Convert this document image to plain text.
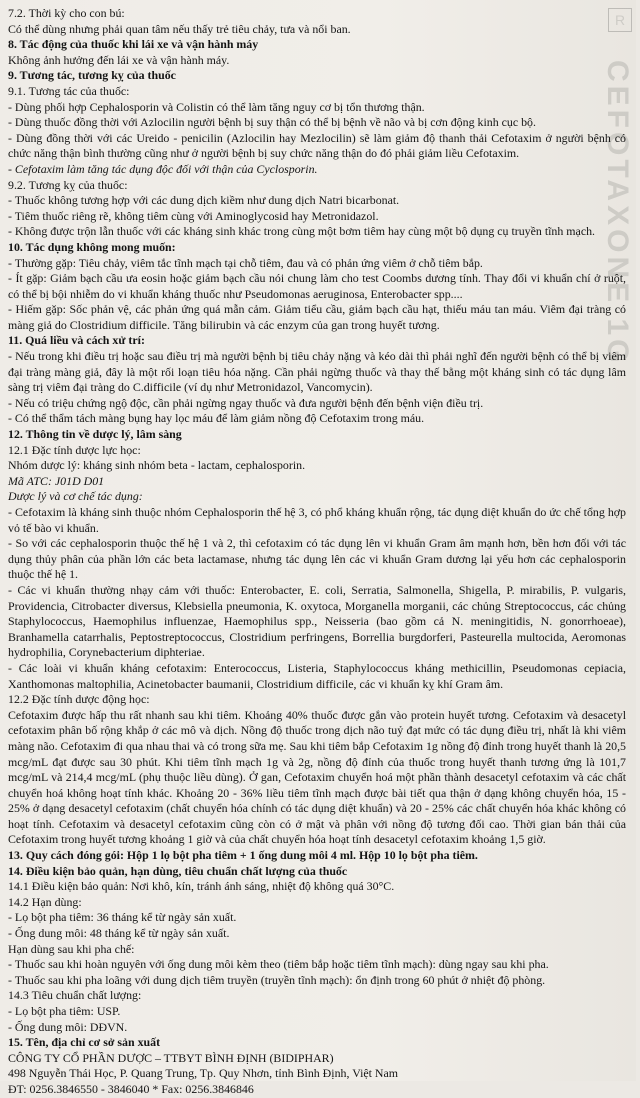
R
CEFOTAXONE 1G

7.2. Thời kỳ cho con bú:

Có thể dùng nhưng phải quan tâm nếu thấy trẻ tiêu chảy, tưa và nổi ban.

8. Tác động của thuốc khi lái xe và vận hành máy

Không ảnh hưởng đến lái xe và vận hành máy.

9. Tương tác, tương kỵ của thuốc

9.1. Tương tác của thuốc:

- Dùng phối hợp Cephalosporin và Colistin có thể làm tăng nguy cơ bị tổn thương thận.

- Dùng thuốc đồng thời với Azlocilin người bệnh bị suy thận có thể bị bệnh về não và bị cơn động kinh cục bộ.

- Dùng đồng thời với các Ureido - penicilin (Azlocilin hay Mezlocilin) sẽ làm giảm độ thanh thải Cefotaxim ở người bệnh có chức năng thận bình thường cũng như ở người bệnh bị suy chức năng thận do đó phải giảm liều Cefotaxim.

- Cefotaxim làm tăng tác dụng độc đối với thận của Cyclosporin.

9.2. Tương kỵ của thuốc:

- Thuốc không tương hợp với các dung dịch kiềm như dung dịch Natri bicarbonat.

- Tiêm thuốc riêng rẽ, không tiêm cùng với Aminoglycosid hay Metronidazol.

- Không được trộn lẫn thuốc với các kháng sinh khác trong cùng một bơm tiêm hay cùng một bộ dụng cụ truyền tĩnh mạch.

10. Tác dụng không mong muốn:

- Thường gặp: Tiêu chảy, viêm tắc tĩnh mạch tại chỗ tiêm, đau và có phản ứng viêm ở chỗ tiêm bắp.

- Ít gặp: Giảm bạch cầu ưa eosin hoặc giảm bạch cầu nói chung làm cho test Coombs dương tính. Thay đổi vi khuẩn chí ở ruột, có thể bị bội nhiễm do vi khuẩn kháng thuốc như Pseudomonas aeruginosa, Enterobacter spp....

- Hiếm gặp: Sốc phản vệ, các phản ứng quá mẫn cảm. Giảm tiểu cầu, giảm bạch cầu hạt, thiếu máu tan máu. Viêm đại tràng có màng giả do Clostridium difficile. Tăng bilirubin và các enzym của gan trong huyết tương.

11. Quá liều và cách xử trí:

- Nếu trong khi điều trị hoặc sau điều trị mà người bệnh bị tiêu chảy nặng và kéo dài thì phải nghĩ đến người bệnh có thể bị viêm đại tràng màng giả, đây là một rối loạn tiêu hóa nặng. Cần phải ngừng thuốc và thay thế bằng một kháng sinh có tác dụng lâm sàng trị viêm đại tràng do C.difficile (ví dụ như Metronidazol, Vancomycin).

- Nếu có triệu chứng ngộ độc, cần phải ngừng ngay thuốc và đưa người bệnh đến bệnh viện điều trị.

- Có thể thẩm tách màng bụng hay lọc máu để làm giảm nồng độ Cefotaxim trong máu.

12. Thông tin về dược lý, lâm sàng

12.1 Đặc tính dược lực học:

Nhóm dược lý: kháng sinh nhóm beta - lactam, cephalosporin.

Mã ATC: J01D D01

Dược lý và cơ chế tác dụng:

- Cefotaxim là kháng sinh thuộc nhóm Cephalosporin thế hệ 3, có phổ kháng khuẩn rộng, tác dụng diệt khuẩn do ức chế tổng hợp vỏ tế bào vi khuẩn.

- So với các cephalosporin thuộc thế hệ 1 và 2, thì cefotaxim có tác dụng lên vi khuẩn Gram âm mạnh hơn, bền hơn đối với tác dụng thủy phân của phần lớn các beta lactamase, nhưng tác dụng lên các vi khuẩn Gram dương lại yếu hơn các cephalosporin thuộc thế hệ 1.

- Các vi khuẩn thường nhạy cảm với thuốc: Enterobacter, E. coli, Serratia, Salmonella, Shigella, P. mirabilis, P. vulgaris, Providencia, Citrobacter diversus, Klebsiella pneumonia, K. oxytoca, Morganella morganii, các chủng Streptococcus, các chủng Staphylococcus, Haemophilus influenzae, Haemophilus spp., Neisseria (bao gồm cả N. meningitidis, N. gonorrhoeae), Branhamella catarrhalis, Peptostreptococcus, Clostridium perfringens, Borrellia burgdorferi, Pasteurella multocida, Aeromonas hydrophilia, Corynebacterium diphteriae.

- Các loài vi khuẩn kháng cefotaxim: Enterococcus, Listeria, Staphylococcus kháng methicillin, Pseudomonas cepiacia, Xanthomonas maltophilia, Acinetobacter baumanii, Clostridium difficile, các vi khuẩn kỵ khí Gram âm.

12.2 Đặc tính dược động học:

Cefotaxim được hấp thu rất nhanh sau khi tiêm. Khoảng 40% thuốc được gắn vào protein huyết tương. Cefotaxim và desacetyl cefotaxim phân bố rộng khắp ở các mô và dịch. Nồng độ thuốc trong dịch não tuỷ đạt mức có tác dụng điều trị, nhất là khi viêm màng não. Cefotaxim đi qua nhau thai và có trong sữa mẹ. Sau khi tiêm bắp Cefotaxim 1g nồng độ đỉnh trong huyết thanh là 20,5 mcg/mL đạt được sau 30 phút. Khi tiêm tĩnh mạch 1g và 2g, nồng độ đỉnh của thuốc trong huyết thanh tương ứng là 101,7 mcg/mL và 214,4 mcg/mL (phụ thuộc liều dùng). Ở gan, Cefotaxim chuyển hoá một phần thành desacetyl cefotaxim và các chất chuyển hoá không hoạt tính khác. Khoảng 20 - 36% liều tiêm tĩnh mạch được bài tiết qua thận ở dạng không chuyển hóa, 15 - 25% ở dạng desacetyl cefotaxim (chất chuyển hóa chính có tác dụng diệt khuẩn) và 20 - 25% các chất chuyển hóa khác không có hoạt tính. Cefotaxim và desacetyl cefotaxim cũng còn có ở mật và phân với nồng độ tương đối cao. Thời gian bán thải của Cefotaxim trong huyết tương khoảng 1 giờ và của chất chuyển hóa hoạt tính desacetyl cefotaxim khoảng 1,5 giờ.

13. Quy cách đóng gói: Hộp 1 lọ bột pha tiêm + 1 ống dung môi 4 ml. Hộp 10 lọ bột pha tiêm.

14. Điều kiện bảo quản, hạn dùng, tiêu chuẩn chất lượng của thuốc

14.1 Điều kiện bảo quản: Nơi khô, kín, tránh ánh sáng, nhiệt độ không quá 30°C.

14.2 Hạn dùng:

- Lọ bột pha tiêm: 36 tháng kể từ ngày sản xuất.

- Ống dung môi: 48 tháng kể từ ngày sản xuất.

Hạn dùng sau khi pha chế:

- Thuốc sau khi hoàn nguyên với ống dung môi kèm theo (tiêm bắp hoặc tiêm tĩnh mạch): dùng ngay sau khi pha.

- Thuốc sau khi pha loãng với dung dịch tiêm truyền (truyền tĩnh mạch): ổn định trong 60 phút ở nhiệt độ phòng.

14.3 Tiêu chuẩn chất lượng:

- Lọ bột pha tiêm: USP.

- Ống dung môi: DĐVN.

15. Tên, địa chỉ cơ sở sản xuất

CÔNG TY CỔ PHẦN DƯỢC – TTBYT BÌNH ĐỊNH (BIDIPHAR)

498 Nguyễn Thái Học, P. Quang Trung, Tp. Quy Nhơn, tỉnh Bình Định, Việt Nam

ĐT: 0256.3846550 - 3846040 * Fax: 0256.3846846
